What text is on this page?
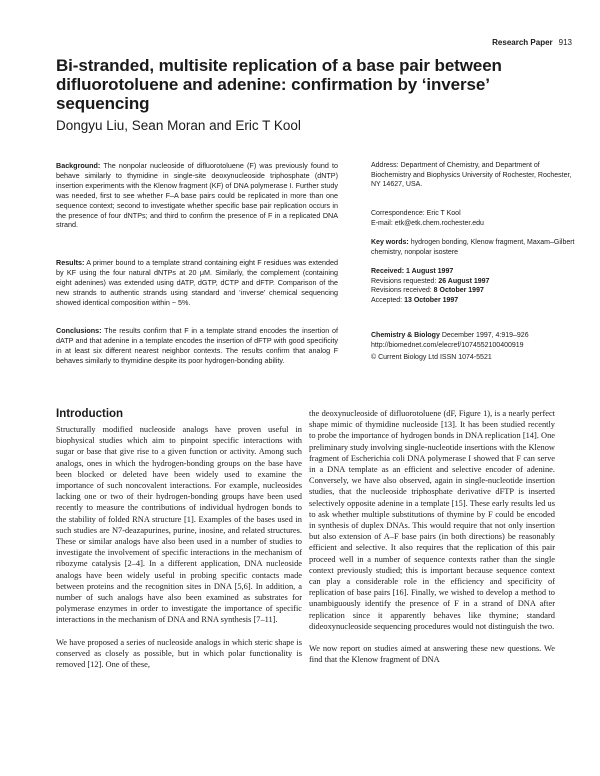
Research Paper 913
Bi-stranded, multisite replication of a base pair between difluorotoluene and adenine: confirmation by ‘inverse’ sequencing
Dongyu Liu, Sean Moran and Eric T Kool
Background: The nonpolar nucleoside of difluorotoluene (F) was previously found to behave similarly to thymidine in single-site deoxynucleoside triphosphate (dNTP) insertion experiments with the Klenow fragment (KF) of DNA polymerase I. Further study was needed, first to see whether F–A base pairs could be replicated in more than one sequence context; second to investigate whether specific base pair replication occurs in the presence of four dNTPs; and third to confirm the presence of F in a replicated DNA strand.
Results: A primer bound to a template strand containing eight F residues was extended by KF using the four natural dNTPs at 20 μM. Similarly, the complement (containing eight adenines) was extended using dATP, dGTP, dCTP and dFTP. Comparison of the new strands to authentic strands using standard and ‘inverse’ chemical sequencing showed identical composition within ~ 5%.
Conclusions: The results confirm that F in a template strand encodes the insertion of dATP and that adenine in a template encodes the insertion of dFTP with good specificity in at least six different nearest neighbor contexts. The results confirm that analog F behaves similarly to thymidine despite its poor hydrogen-bonding ability.
Address: Department of Chemistry, and Department of Biochemistry and Biophysics University of Rochester, Rochester, NY 14627, USA.
Correspondence: Eric T Kool
E-mail: etk@etk.chem.rochester.edu
Key words: hydrogen bonding, Klenow fragment, Maxam–Gilbert chemistry, nonpolar isostere
Received: 1 August 1997
Revisions requested: 26 August 1997
Revisions received: 8 October 1997
Accepted: 13 October 1997
Chemistry & Biology December 1997, 4:919–926
http://biomednet.com/elecref/1074552100400919
© Current Biology Ltd ISSN 1074-5521
Introduction

Structurally modified nucleoside analogs have proven useful in biophysical studies which aim to pinpoint specific interactions with sugar or base that give rise to a given function or activity. Among such analogs, ones in which the hydrogen-bonding groups on the base have been blocked or deleted have been widely used to examine the importance of such noncovalent interactions. For example, nucleosides lacking one or two of their hydrogen-bonding groups have been used recently to measure the contributions of individual hydrogen bonds to the stability of folded RNA structure [1]. Examples of the bases used in such studies are N7-deazapurines, purine, inosine, and related structures. These or similar analogs have also been used in a number of studies to investigate the involvement of specific interactions in the mechanism of ribozyme catalysis [2–4]. In a different application, DNA nucleoside analogs have been widely useful in probing specific contacts made between proteins and the recognition sites in DNA [5,6]. In addition, a number of such analogs have also been examined as substrates for polymerase enzymes in order to investigate the importance of specific interactions in the mechanism of DNA and RNA synthesis [7–11].

We have proposed a series of nucleoside analogs in which steric shape is conserved as closely as possible, but in which polar functionality is removed [12]. One of these,

the deoxynucleoside of difluorotoluene (dF, Figure 1), is a nearly perfect shape mimic of thymidine nucleoside [13]. It has been studied recently to probe the importance of hydrogen bonds in DNA replication [14]. One preliminary study involving single-nucleotide insertions with the Klenow fragment of Escherichia coli DNA polymerase I showed that F can serve in a DNA template as an efficient and selective encoder of adenine. Conversely, we have also observed, again in single-nucleotide insertion studies, that the nucleoside triphosphate derivative dFTP is inserted selectively opposite adenine in a template [15]. These early results led us to ask whether multiple substitutions of thymine by F could be encoded in synthesis of duplex DNAs. This would require that not only insertion but also extension of A–F base pairs (in both directions) be reasonably efficient and selective. It also requires that the replication of this pair proceed well in a number of sequence contexts rather than the single context previously studied; this is important because sequence context can play a considerable role in the efficiency and specificity of replication of base pairs [16]. Finally, we wished to develop a method to unambiguously identify the presence of F in a strand of DNA after replication since it apparently behaves like thymine; standard dideoxynucleoside sequencing procedures would not distinguish the two.

We now report on studies aimed at answering these new questions. We find that the Klenow fragment of DNA
